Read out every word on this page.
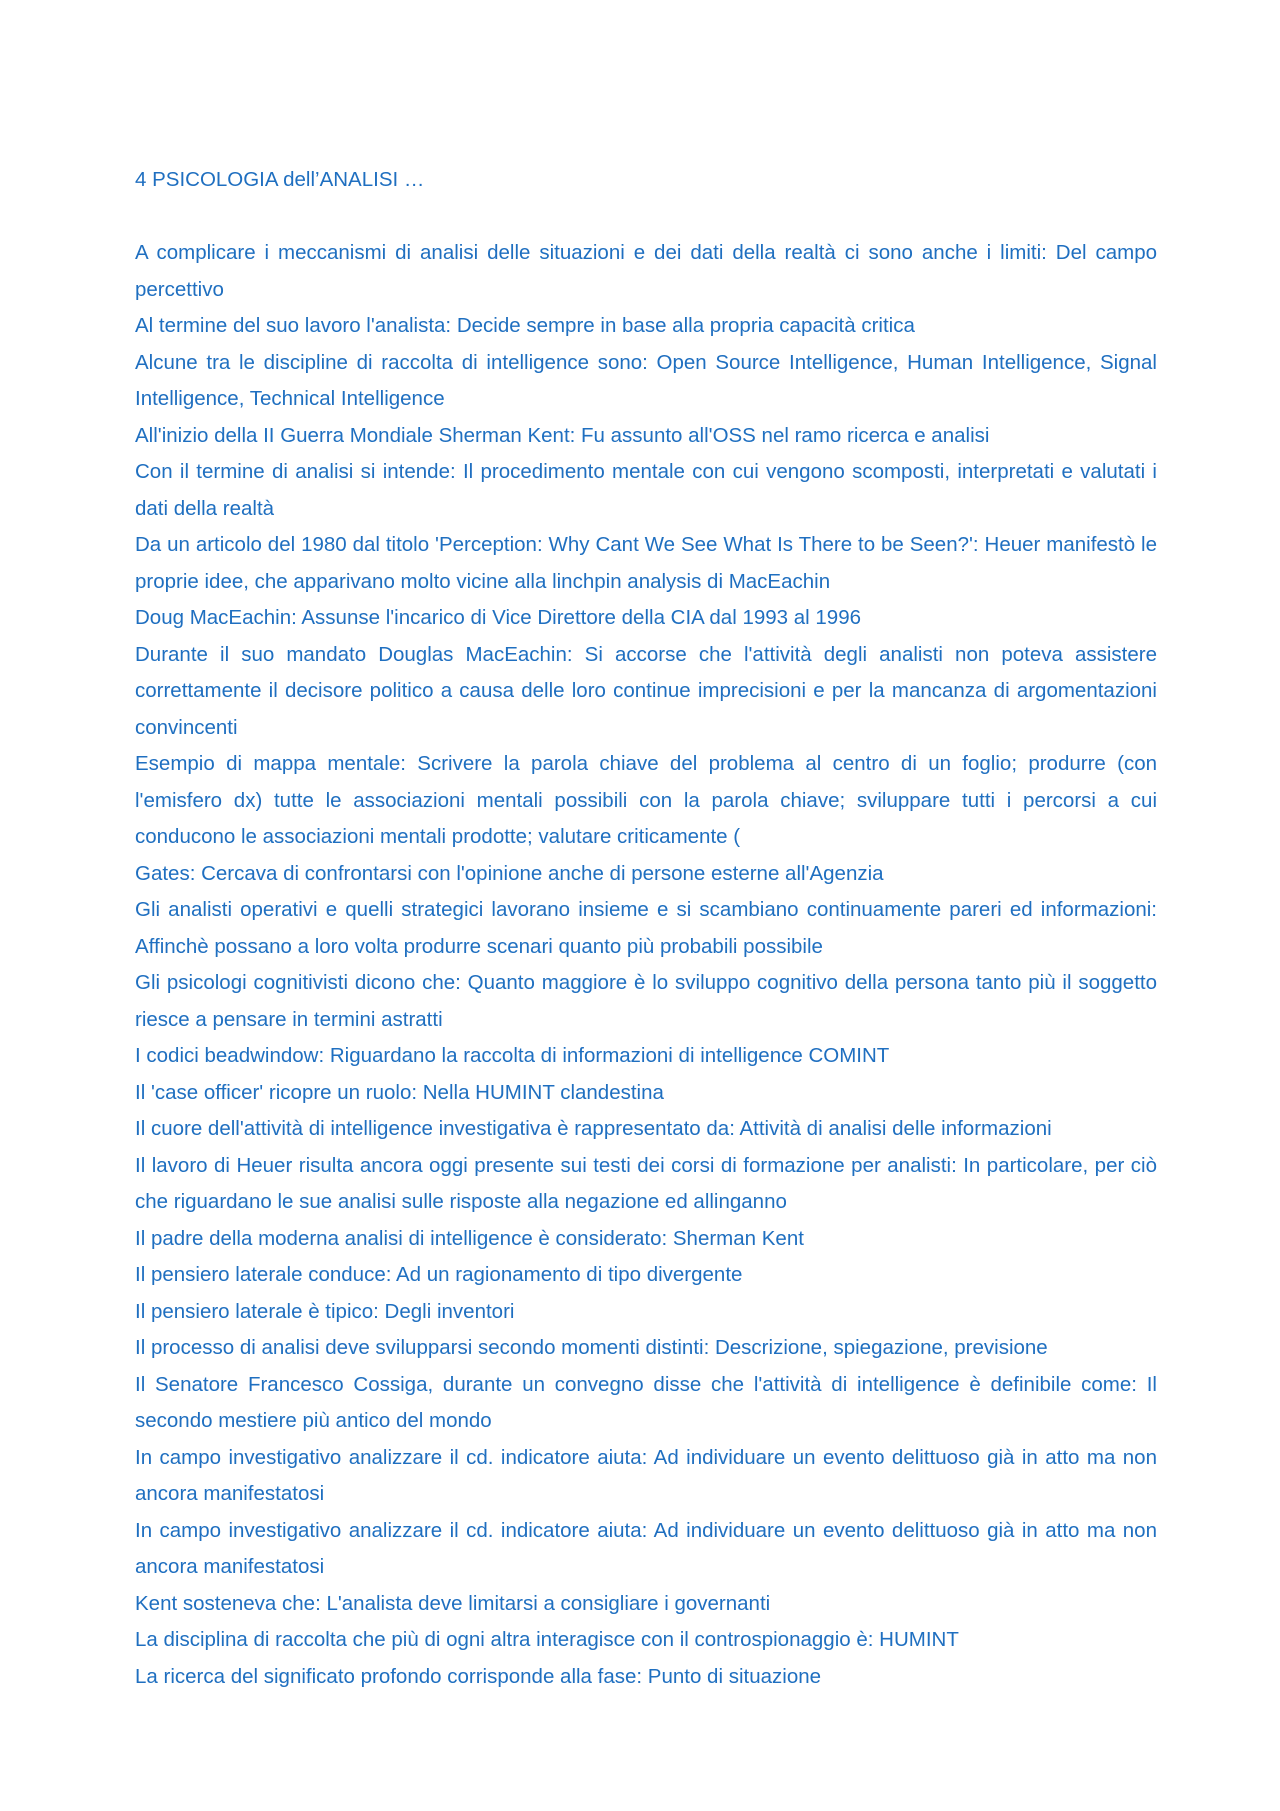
4 PSICOLOGIA dell’ANALISI …

A complicare i meccanismi di analisi delle situazioni e dei dati della realtà ci sono anche i limiti: Del campo percettivo

Al termine del suo lavoro l'analista: Decide sempre in base alla propria capacità critica

Alcune tra le discipline di raccolta di intelligence sono: Open Source Intelligence, Human Intelligence, Signal Intelligence, Technical Intelligence

All'inizio della II Guerra Mondiale Sherman Kent: Fu assunto all'OSS nel ramo ricerca e analisi

Con il termine di analisi si intende: Il procedimento mentale con cui vengono scomposti, interpretati e valutati i dati della realtà

Da un articolo del 1980 dal titolo 'Perception: Why Cant We See What Is There to be Seen?': Heuer manifestò le proprie idee, che apparivano molto vicine alla linchpin analysis di MacEachin

Doug MacEachin: Assunse l'incarico di Vice Direttore della CIA dal 1993 al 1996

Durante il suo mandato Douglas MacEachin: Si accorse che l'attività degli analisti non poteva assistere correttamente il decisore politico a causa delle loro continue imprecisioni e per la mancanza di argomentazioni convincenti

Esempio di mappa mentale: Scrivere la parola chiave del problema al centro di un foglio; produrre (con l'emisfero dx) tutte le associazioni mentali possibili con la parola chiave; sviluppare tutti i percorsi a cui conducono le associazioni mentali prodotte; valutare criticamente (

Gates: Cercava di confrontarsi con l'opinione anche di persone esterne all'Agenzia

Gli analisti operativi e quelli strategici lavorano insieme e si scambiano continuamente pareri ed informazioni: Affinchè possano a loro volta produrre scenari quanto più probabili possibile

Gli psicologi cognitivisti dicono che: Quanto maggiore è lo sviluppo cognitivo della persona tanto più il soggetto riesce a pensare in termini astratti

I codici beadwindow: Riguardano la raccolta di informazioni di intelligence COMINT

Il 'case officer' ricopre un ruolo: Nella HUMINT clandestina

Il cuore dell'attività di intelligence investigativa è rappresentato da: Attività di analisi delle informazioni

Il lavoro di Heuer risulta ancora oggi presente sui testi dei corsi di formazione per analisti: In particolare, per ciò che riguardano le sue analisi sulle risposte alla negazione ed allinganno

Il padre della moderna analisi di intelligence è considerato: Sherman Kent

Il pensiero laterale conduce: Ad un ragionamento di tipo divergente

Il pensiero laterale è tipico: Degli inventori

Il processo di analisi deve svilupparsi secondo momenti distinti: Descrizione, spiegazione, previsione

Il Senatore Francesco Cossiga, durante un convegno disse che l'attività di intelligence è definibile come: Il secondo mestiere più antico del mondo

In campo investigativo analizzare il cd. indicatore aiuta: Ad individuare un evento delittuoso già in atto ma non ancora manifestatosi

In campo investigativo analizzare il cd. indicatore aiuta: Ad individuare un evento delittuoso già in atto ma non ancora manifestatosi

Kent sosteneva che: L'analista deve limitarsi a consigliare i governanti

La disciplina di raccolta che più di ogni altra interagisce con il controspionaggio è: HUMINT

La ricerca del significato profondo corrisponde alla fase: Punto di situazione
